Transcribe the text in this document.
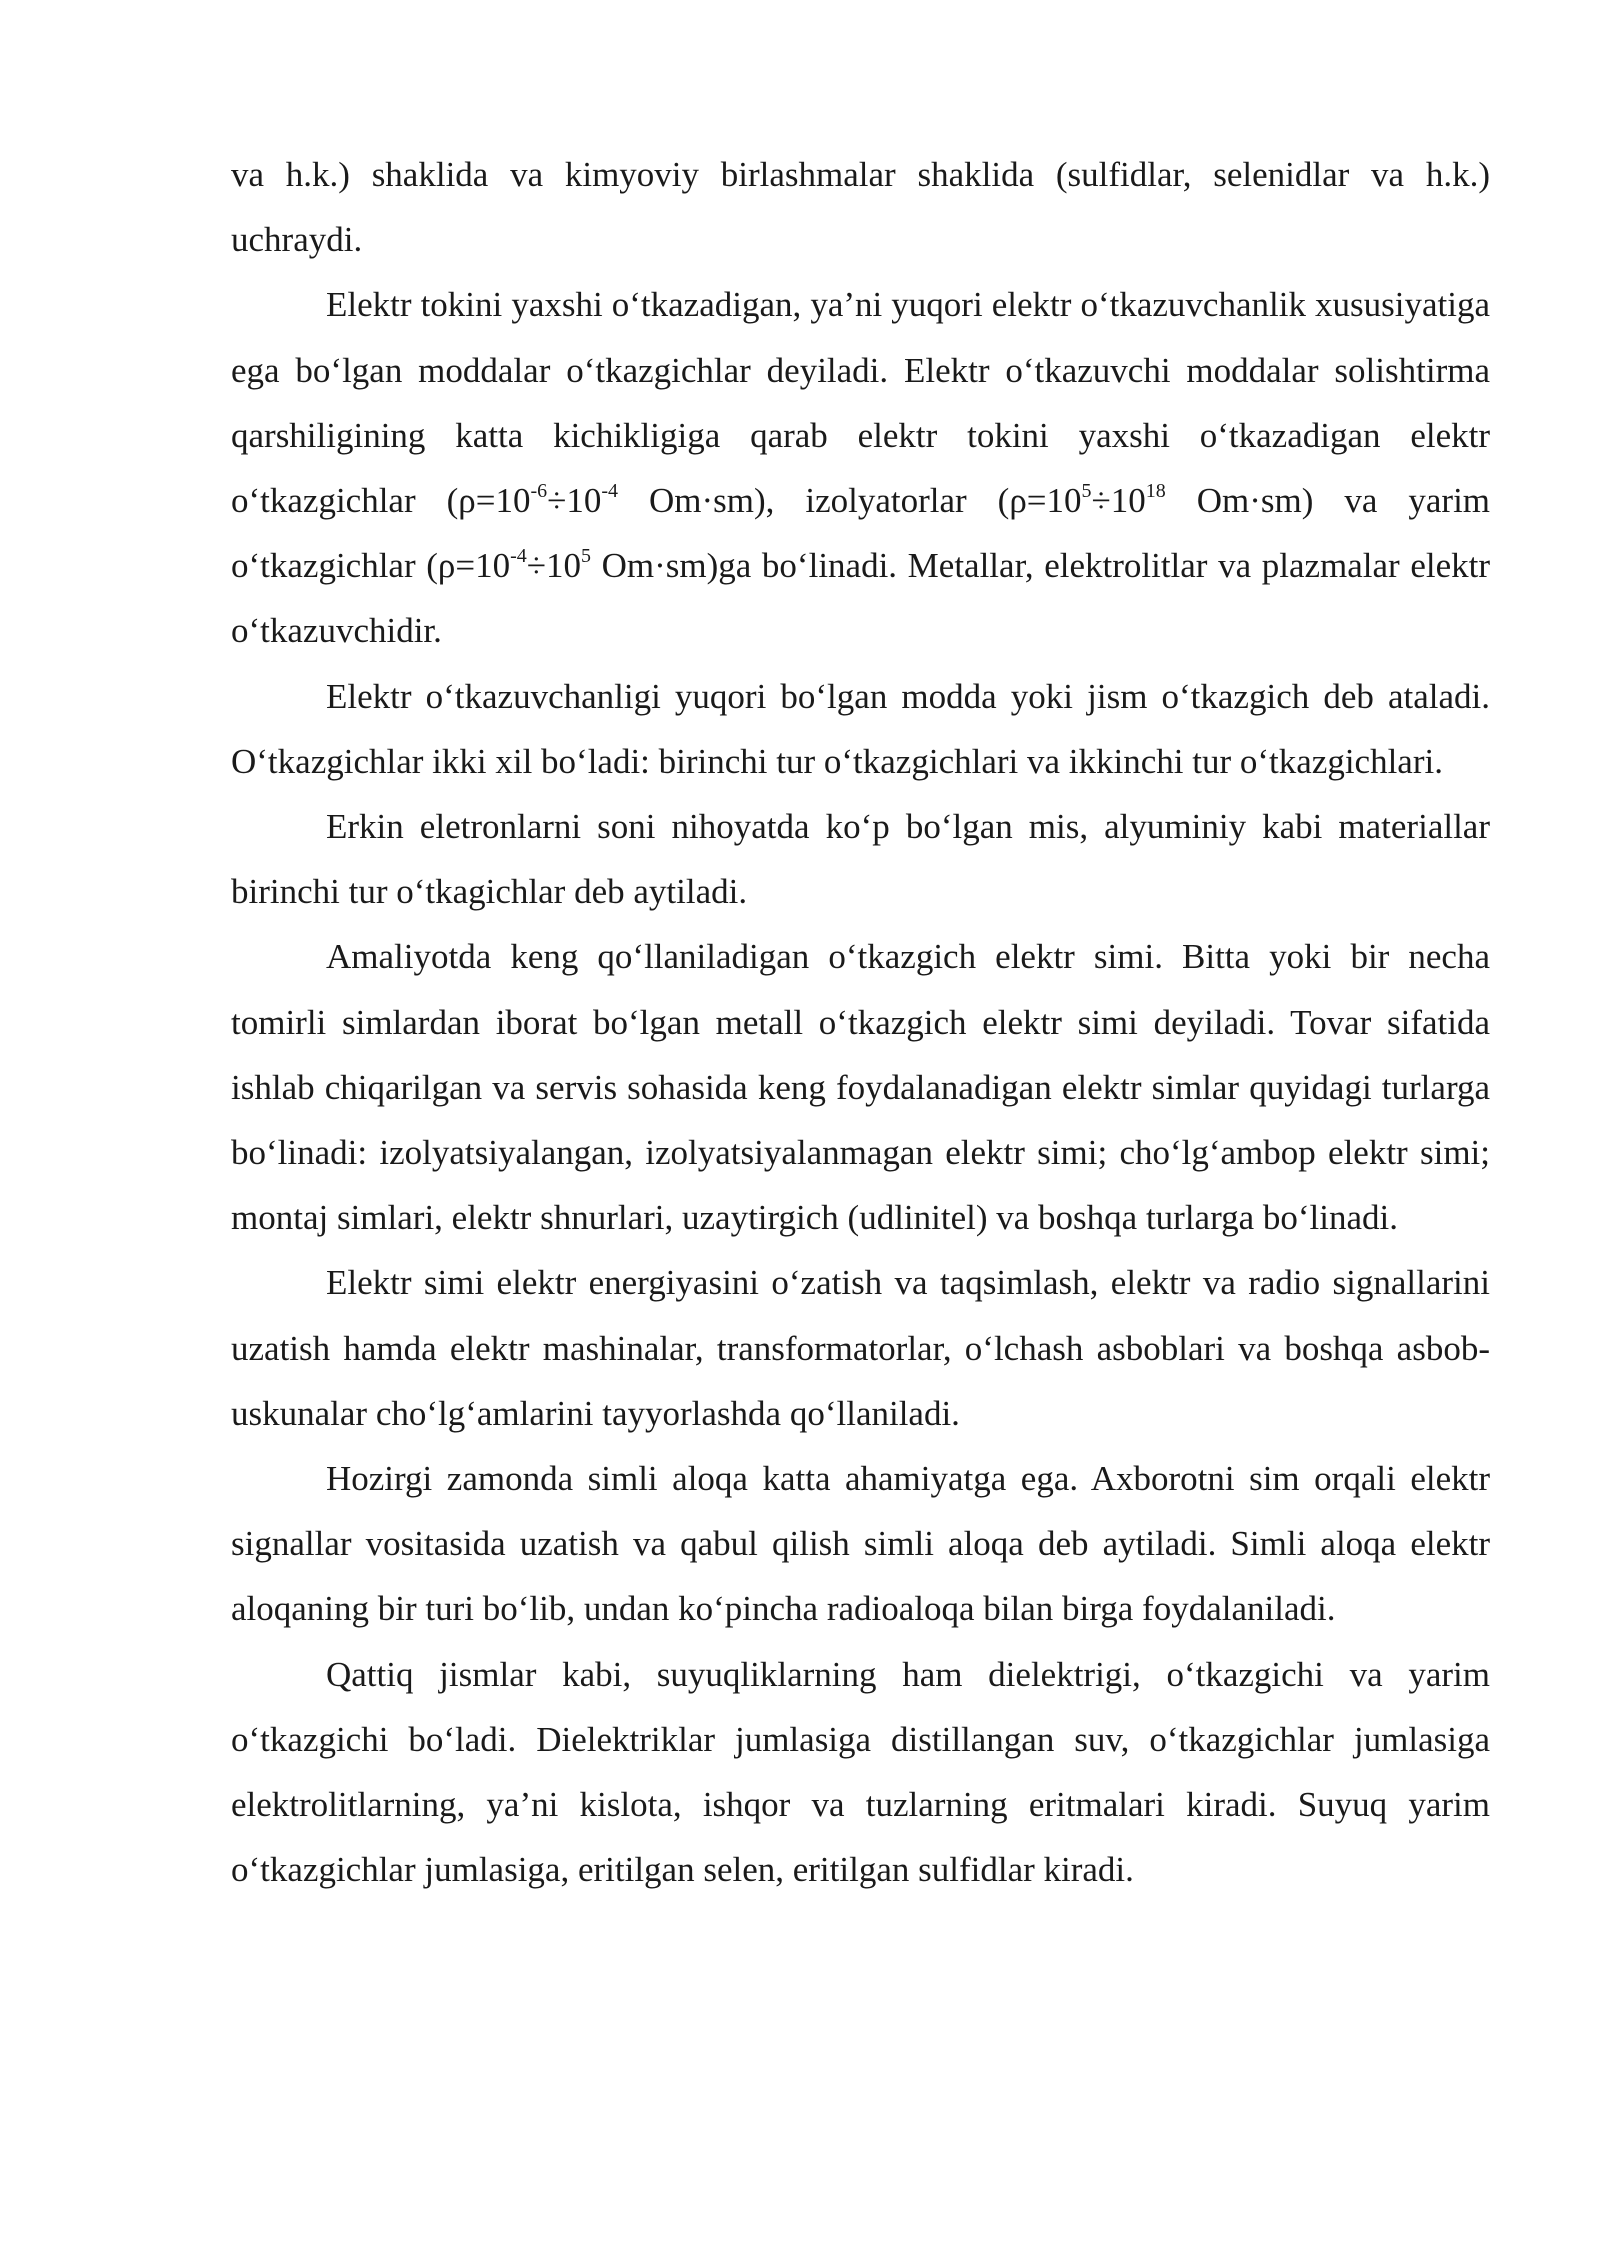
va h.k.) shaklida va kimyoviy birlashmalar shaklida (sulfidlar, selenidlar va h.k.) uchraydi.

Elektr tokini yaxshi o‘tkazadigan, ya’ni yuqori elektr o‘tkazuvchanlik xususiyatiga ega bo‘lgan moddalar o‘tkazgichlar deyiladi. Elektr o‘tkazuvchi moddalar solishtirma qarshiligining katta kichikligiga qarab elektr tokini yaxshi o‘tkazadigan elektr o‘tkazgichlar ($\rho=10^{-6}\div 10^{-4}$ Om·sm), izolyatorlar ($\rho=10^5\div 10^{18}$ Om·sm) va yarim o‘tkazgichlar ($\rho=10^{-4}\div 10^5$ Om·sm)ga bo‘linadi. Metallar, elektrolitlar va plazmalar elektr o‘tkazuvchidir.

Elektr o‘tkazuvchanligi yuqori bo‘lgan modda yoki jism o‘tkazgich deb ataladi. O‘tkazgichlar ikki xil bo‘ladi: birinchi tur o‘tkazgichlari va ikkinchi tur o‘tkazgichlari.

Erkin eletronlarni soni nihoyatda ko‘p bo‘lgan mis, alyuminiy kabi materiallar birinchi tur o‘tkagichlar deb aytiladi.

Amaliyotda keng qo‘llaniladigan o‘tkazgich elektr simi. Bitta yoki bir necha tomirli simlardan iborat bo‘lgan metall o‘tkazgich elektr simi deyiladi. Tovar sifatida ishlab chiqarilgan va servis sohasida keng foydalanadigan elektr simlar quyidagi turlarga bo‘linadi: izolyatsiyalangan, izolyatsiyalanmagan elektr simi; cho‘lg‘ambop elektr simi; montaj simlari, elektr shnurlari, uzaytirgich (udlinitel) va boshqa turlarga bo‘linadi.

Elektr simi elektr energiyasini o‘zatish va taqsimlash, elektr va radio signallarini uzatish hamda elektr mashinalar, transformatorlar, o‘lchash asboblari va boshqa asbob-uskunalar cho‘lg‘amlarini tayyorlashda qo‘llaniladi.

Hozirgi zamonda simli aloqa katta ahamiyatga ega. Axborotni sim orqali elektr signallar vositasida uzatish va qabul qilish simli aloqa deb aytiladi. Simli aloqa elektr aloqaning bir turi bo‘lib, undan ko‘pincha radioaloqa bilan birga foydalaniladi.

Qattiq jismlar kabi, suyuqliklarning ham dielektrigi, o‘tkazgichi va yarim o‘tkazgichi bo‘ladi. Dielektriklar jumlasiga distillangan suv, o‘tkazgichlar jumlasiga elektrolitlarning, ya’ni kislota, ishqor va tuzlarning eritmalari kiradi. Suyuq yarim o‘tkazgichlar jumlasiga, eritilgan selen, eritilgan sulfidlar kiradi.
